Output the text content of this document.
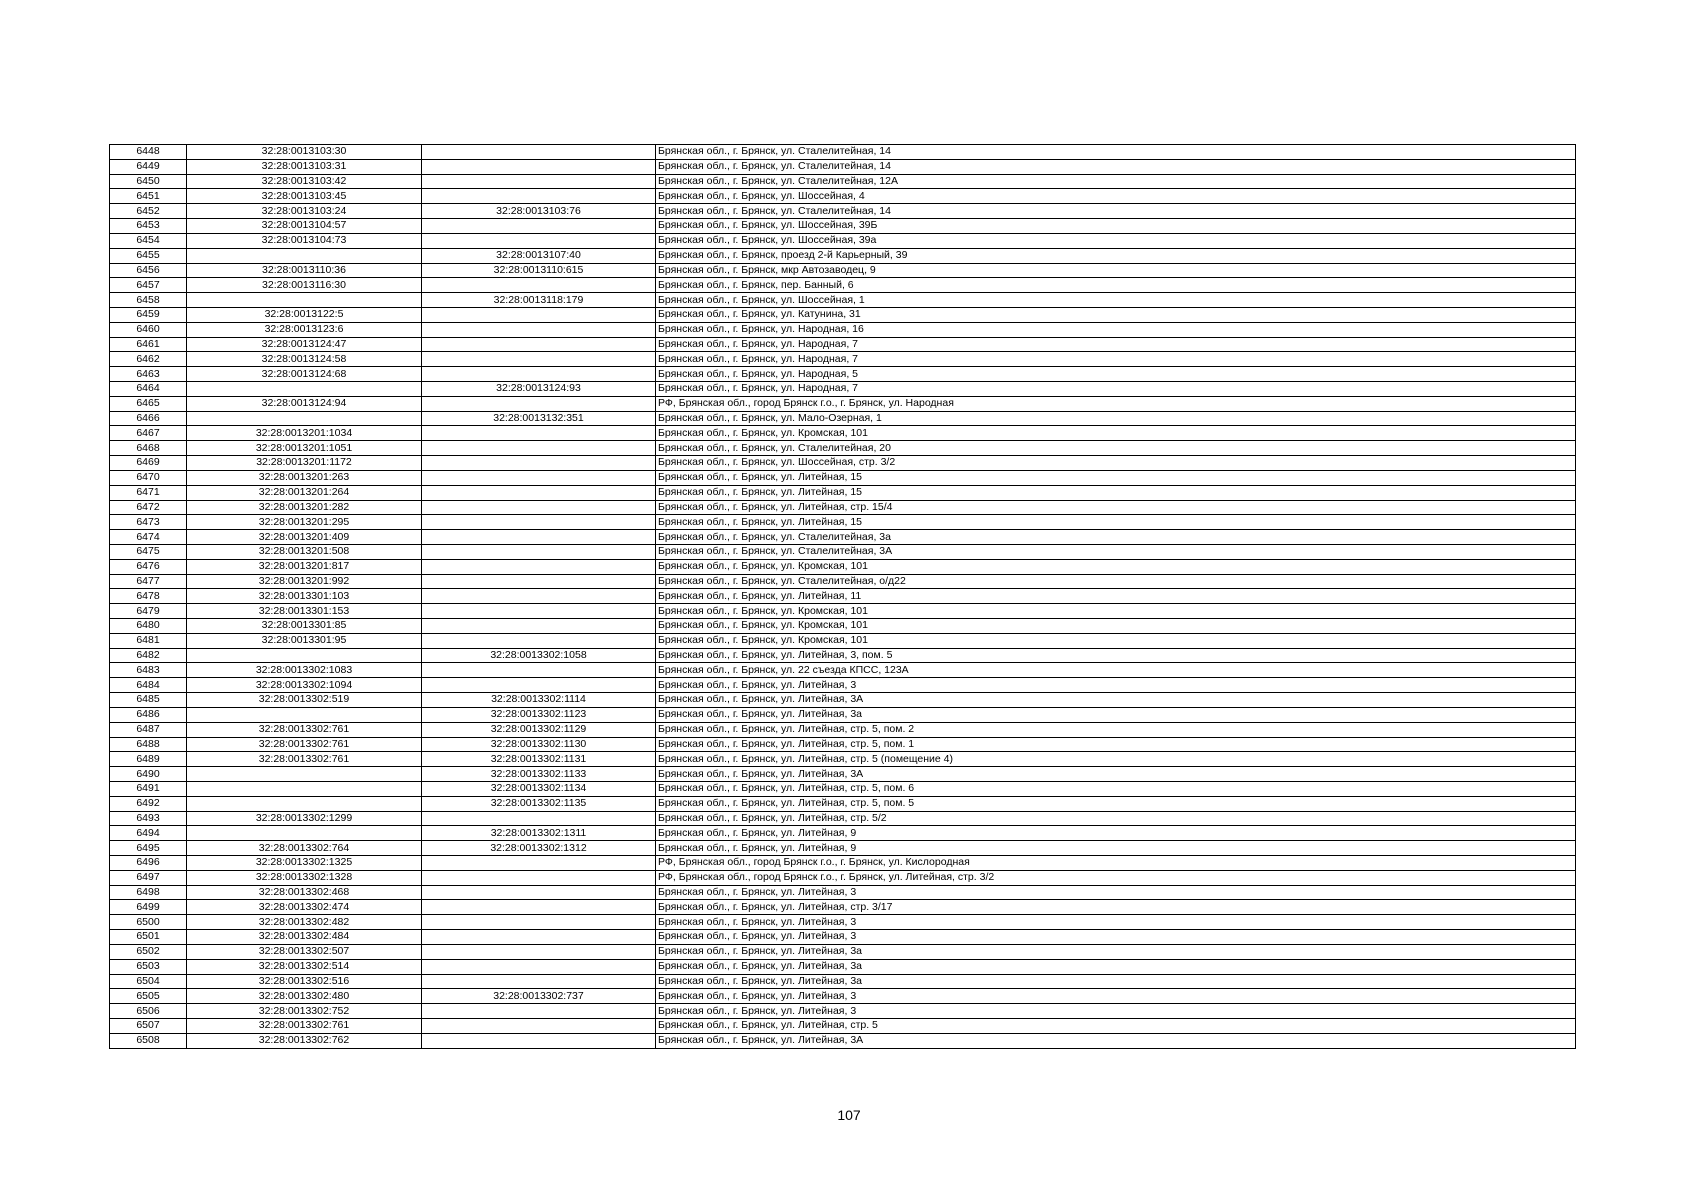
6448	32:28:0013103:30		Брянская обл., г. Брянск, ул. Сталелитейная, 14
6449	32:28:0013103:31		Брянская обл., г. Брянск, ул. Сталелитейная, 14
6450	32:28:0013103:42		Брянская обл., г. Брянск, ул. Сталелитейная, 12А
6451	32:28:0013103:45		Брянская обл., г. Брянск, ул. Шоссейная, 4
6452	32:28:0013103:24	32:28:0013103:76	Брянская обл., г. Брянск, ул. Сталелитейная, 14
6453	32:28:0013104:57		Брянская обл., г. Брянск, ул. Шоссейная, 39Б
6454	32:28:0013104:73		Брянская обл., г. Брянск, ул. Шоссейная, 39а
6455		32:28:0013107:40	Брянская обл., г. Брянск, проезд 2-й Карьерный, 39
6456	32:28:0013110:36	32:28:0013110:615	Брянская обл., г. Брянск, мкр Автозаводец, 9
6457	32:28:0013116:30		Брянская обл., г. Брянск, пер. Банный, 6
6458		32:28:0013118:179	Брянская обл., г. Брянск, ул. Шоссейная, 1
6459	32:28:0013122:5		Брянская обл., г. Брянск, ул. Катунина, 31
6460	32:28:0013123:6		Брянская обл., г. Брянск, ул. Народная, 16
6461	32:28:0013124:47		Брянская обл., г. Брянск, ул. Народная, 7
6462	32:28:0013124:58		Брянская обл., г. Брянск, ул. Народная, 7
6463	32:28:0013124:68		Брянская обл., г. Брянск, ул. Народная, 5
6464		32:28:0013124:93	Брянская обл., г. Брянск, ул. Народная, 7
6465	32:28:0013124:94		РФ, Брянская обл., город Брянск г.о., г. Брянск, ул. Народная
6466		32:28:0013132:351	Брянская обл., г. Брянск, ул. Мало-Озерная, 1
6467	32:28:0013201:1034		Брянская обл., г. Брянск, ул. Кромская, 101
6468	32:28:0013201:1051		Брянская обл., г. Брянск, ул. Сталелитейная, 20
6469	32:28:0013201:1172		Брянская обл., г. Брянск, ул. Шоссейная, стр. 3/2
6470	32:28:0013201:263		Брянская обл., г. Брянск, ул. Литейная, 15
6471	32:28:0013201:264		Брянская обл., г. Брянск, ул. Литейная, 15
6472	32:28:0013201:282		Брянская обл., г. Брянск, ул. Литейная, стр. 15/4
6473	32:28:0013201:295		Брянская обл., г. Брянск, ул. Литейная, 15
6474	32:28:0013201:409		Брянская обл., г. Брянск, ул. Сталелитейная, 3а
6475	32:28:0013201:508		Брянская обл., г. Брянск, ул. Сталелитейная, 3А
6476	32:28:0013201:817		Брянская обл., г. Брянск, ул. Кромская, 101
6477	32:28:0013201:992		Брянская обл., г. Брянск, ул. Сталелитейная, о/д22
6478	32:28:0013301:103		Брянская обл., г. Брянск, ул. Литейная, 11
6479	32:28:0013301:153		Брянская обл., г. Брянск, ул. Кромская, 101
6480	32:28:0013301:85		Брянская обл., г. Брянск, ул. Кромская, 101
6481	32:28:0013301:95		Брянская обл., г. Брянск, ул. Кромская, 101
6482		32:28:0013302:1058	Брянская обл., г. Брянск, ул. Литейная, 3, пом. 5
6483	32:28:0013302:1083		Брянская обл., г. Брянск, ул. 22 съезда КПСС, 123А
6484	32:28:0013302:1094		Брянская обл., г. Брянск, ул. Литейная, 3
6485	32:28:0013302:519	32:28:0013302:1114	Брянская обл., г. Брянск, ул. Литейная, 3А
6486		32:28:0013302:1123	Брянская обл., г. Брянск, ул. Литейная, 3а
6487	32:28:0013302:761	32:28:0013302:1129	Брянская обл., г. Брянск, ул. Литейная, стр. 5, пом. 2
6488	32:28:0013302:761	32:28:0013302:1130	Брянская обл., г. Брянск, ул. Литейная, стр. 5, пом. 1
6489	32:28:0013302:761	32:28:0013302:1131	Брянская обл., г. Брянск, ул. Литейная, стр. 5 (помещение 4)
6490		32:28:0013302:1133	Брянская обл., г. Брянск, ул. Литейная, 3А
6491		32:28:0013302:1134	Брянская обл., г. Брянск, ул. Литейная, стр. 5, пом. 6
6492		32:28:0013302:1135	Брянская обл., г. Брянск, ул. Литейная, стр. 5, пом. 5
6493	32:28:0013302:1299		Брянская обл., г. Брянск, ул. Литейная, стр. 5/2
6494		32:28:0013302:1311	Брянская обл., г. Брянск, ул. Литейная, 9
6495	32:28:0013302:764	32:28:0013302:1312	Брянская обл., г. Брянск, ул. Литейная, 9
6496	32:28:0013302:1325		РФ, Брянская обл., город Брянск г.о., г. Брянск, ул. Кислородная
6497	32:28:0013302:1328		РФ, Брянская обл., город Брянск г.о., г. Брянск, ул. Литейная, стр. 3/2
6498	32:28:0013302:468		Брянская обл., г. Брянск, ул. Литейная, 3
6499	32:28:0013302:474		Брянская обл., г. Брянск, ул. Литейная, стр. 3/17
6500	32:28:0013302:482		Брянская обл., г. Брянск, ул. Литейная, 3
6501	32:28:0013302:484		Брянская обл., г. Брянск, ул. Литейная, 3
6502	32:28:0013302:507		Брянская обл., г. Брянск, ул. Литейная, 3а
6503	32:28:0013302:514		Брянская обл., г. Брянск, ул. Литейная, 3а
6504	32:28:0013302:516		Брянская обл., г. Брянск, ул. Литейная, 3а
6505	32:28:0013302:480	32:28:0013302:737	Брянская обл., г. Брянск, ул. Литейная, 3
6506	32:28:0013302:752		Брянская обл., г. Брянск, ул. Литейная, 3
6507	32:28:0013302:761		Брянская обл., г. Брянск, ул. Литейная, стр. 5
6508	32:28:0013302:762		Брянская обл., г. Брянск, ул. Литейная, 3А
107
